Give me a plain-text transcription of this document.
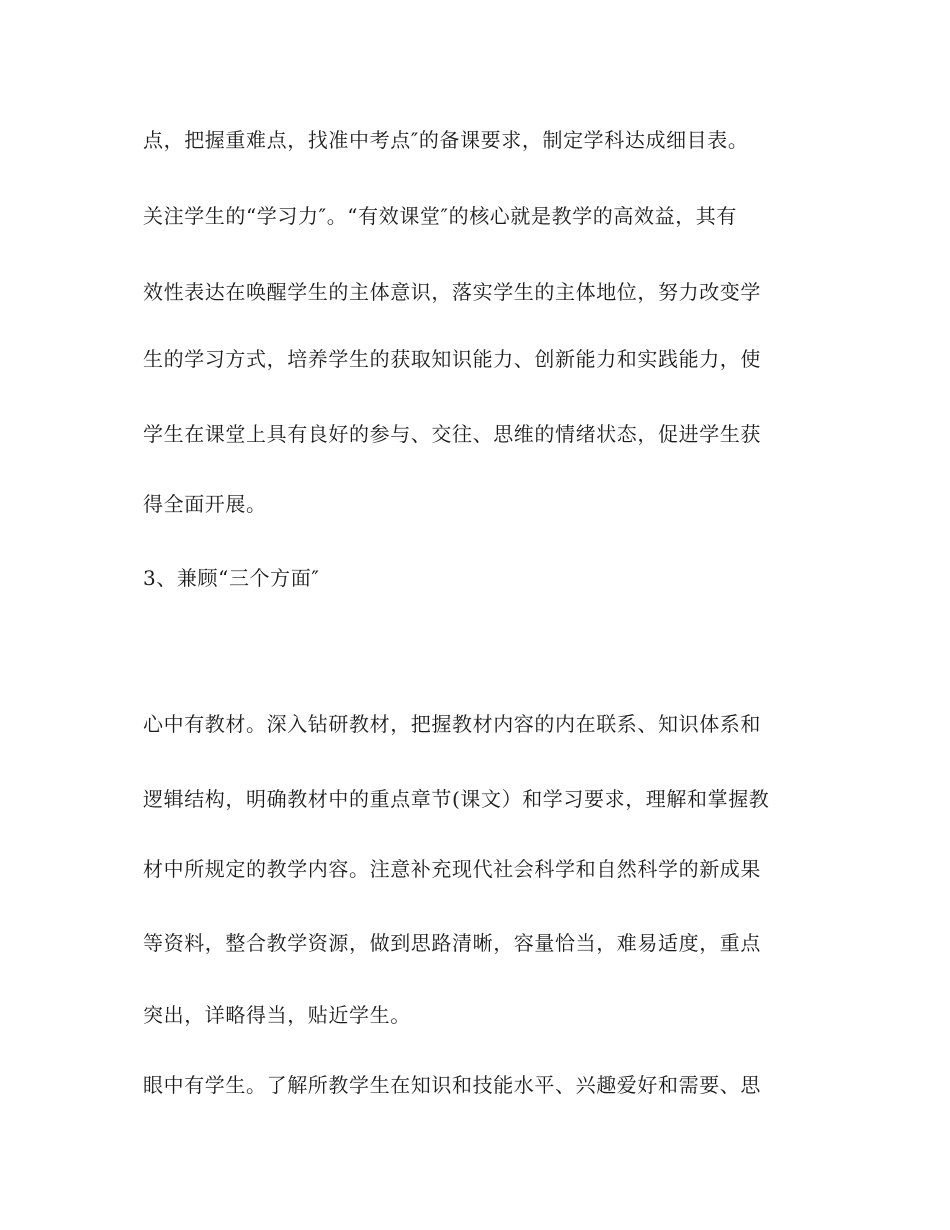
点，把握重难点，找准中考点″的备课要求，制定学科达成细目表。
关注学生的“学习力″。“有效课堂″的核心就是教学的高效益，其有
效性表达在唤醒学生的主体意识，落实学生的主体地位，努力改变学
生的学习方式，培养学生的获取知识能力、创新能力和实践能力，使
学生在课堂上具有良好的参与、交往、思维的情绪状态，促进学生获
得全面开展。
3、兼顾“三个方面″
心中有教材。深入钻研教材，把握教材内容的内在联系、知识体系和
逻辑结构，明确教材中的重点章节(课文）和学习要求，理解和掌握教
材中所规定的教学内容。注意补充现代社会科学和自然科学的新成果
等资料，整合教学资源，做到思路清晰，容量恰当，难易适度，重点
突出，详略得当，贴近学生。
眼中有学生。了解所教学生在知识和技能水平、兴趣爱好和需要、思
